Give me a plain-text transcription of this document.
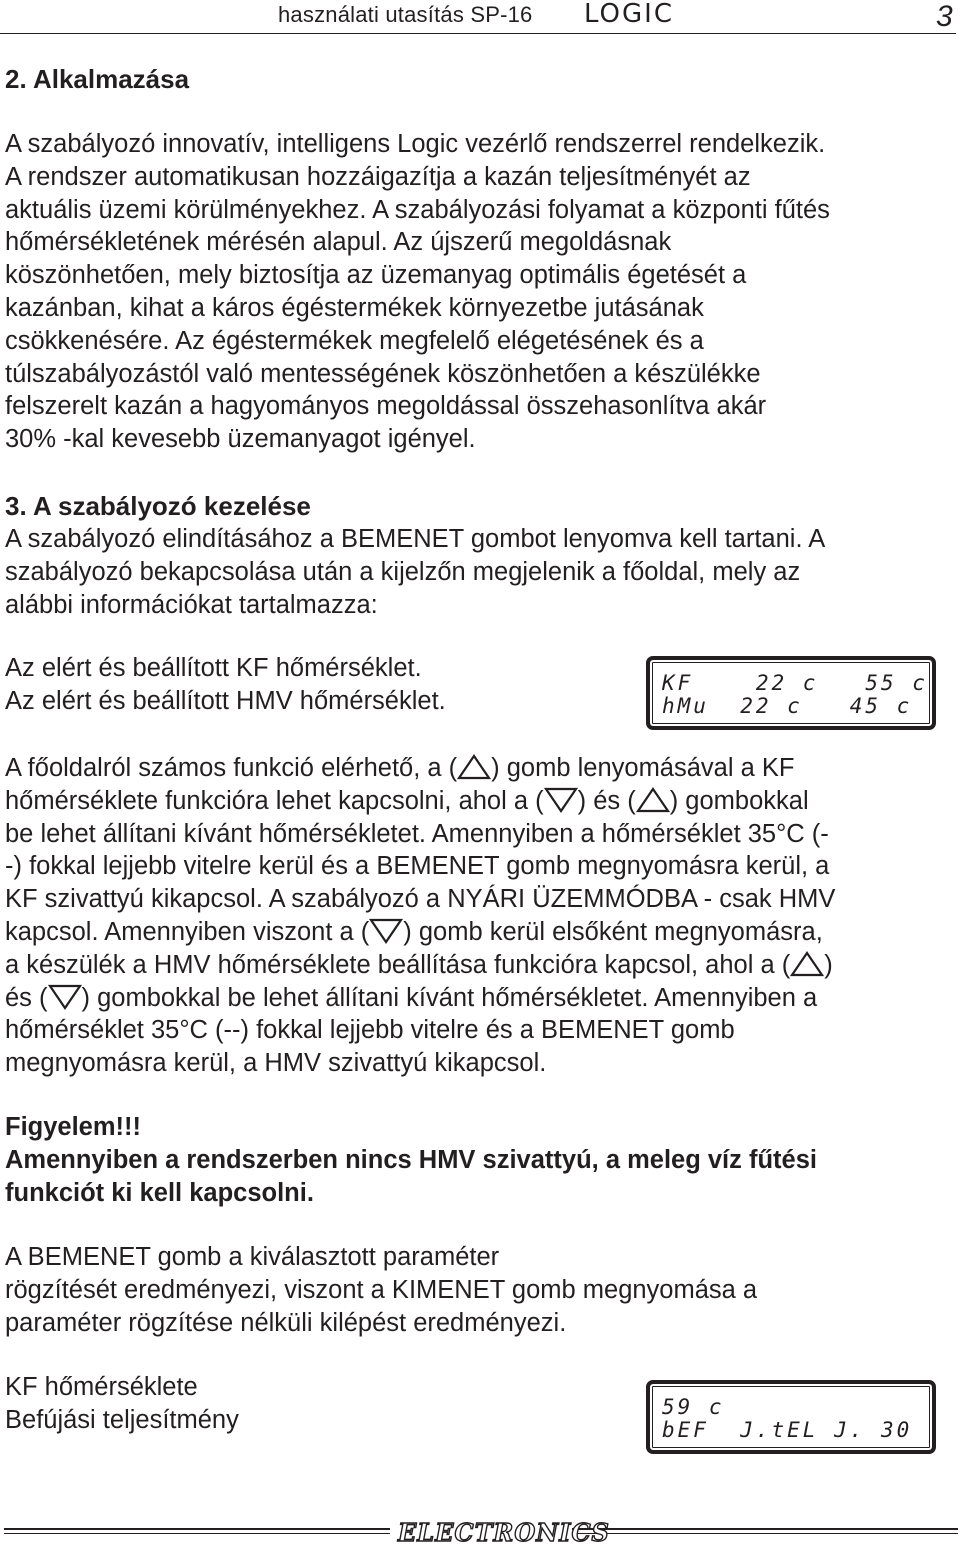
használati utasítás SP-16 LOGIC	3
2. Alkalmazása
A szabályozó innovatív, intelligens Logic vezérlő rendszerrel rendelkezik.
A rendszer automatikusan hozzáigazítja a kazán teljesítményét az
aktuális üzemi körülményekhez. A szabályozási folyamat a központi fűtés
hőmérsékletének mérésén alapul. Az újszerű megoldásnak
köszönhetően, mely biztosítja az üzemanyag optimális égetését a
kazánban, kihat a káros égéstermékek környezetbe jutásának
csökkenésére. Az égéstermékek megfelelő elégetésének és a
túlszabályozástól való mentességének köszönhetően a készülékke
felszerelt kazán a hagyományos megoldással összehasonlítva akár
30% -kal kevesebb üzemanyagot igényel.
3. A szabályozó kezelése
A szabályozó elindításához a BEMENET gombot lenyomva kell tartani. A
szabályozó bekapcsolása után a kijelzőn megjelenik a főoldal, mely az
alábbi információkat tartalmazza:
Az elért és beállított KF hőmérséklet.
Az elért és beállított HMV hőmérséklet.
KF    22 c   55 c
hMu  22 c   45 c
A főoldalról számos funkció elérhető, a ( ) gomb lenyomásával a KF
hőmérséklete funkcióra lehet kapcsolni, ahol a ( ) és ( ) gombokkal
be lehet állítani kívánt hőmérsékletet. Amennyiben a hőmérséklet 35°C (-
-) fokkal lejjebb vitelre kerül és a BEMENET gomb megnyomásra kerül, a
KF szivattyú kikapcsol. A szabályozó a NYÁRI ÜZEMMÓDBA - csak HMV
kapcsol. Amennyiben viszont a ( ) gomb kerül elsőként megnyomásra,
a készülék a HMV hőmérséklete beállítása funkcióra kapcsol, ahol a ( )
és ( ) gombokkal be lehet állítani kívánt hőmérsékletet. Amennyiben a
hőmérséklet 35°C (--) fokkal lejjebb vitelre és a BEMENET gomb
megnyomásra kerül, a HMV szivattyú kikapcsol.
Figyelem!!!
Amennyiben a rendszerben nincs HMV szivattyú, a meleg víz fűtési
funkciót ki kell kapcsolni.
A BEMENET gomb a kiválasztott paraméter
rögzítését eredményezi, viszont a KIMENET gomb megnyomása a
paraméter rögzítése nélküli kilépést eredményezi.
KF hőmérséklete
Befújási teljesítmény	59 c
bEF  J.tEL J. 30
ELECTRONICS
